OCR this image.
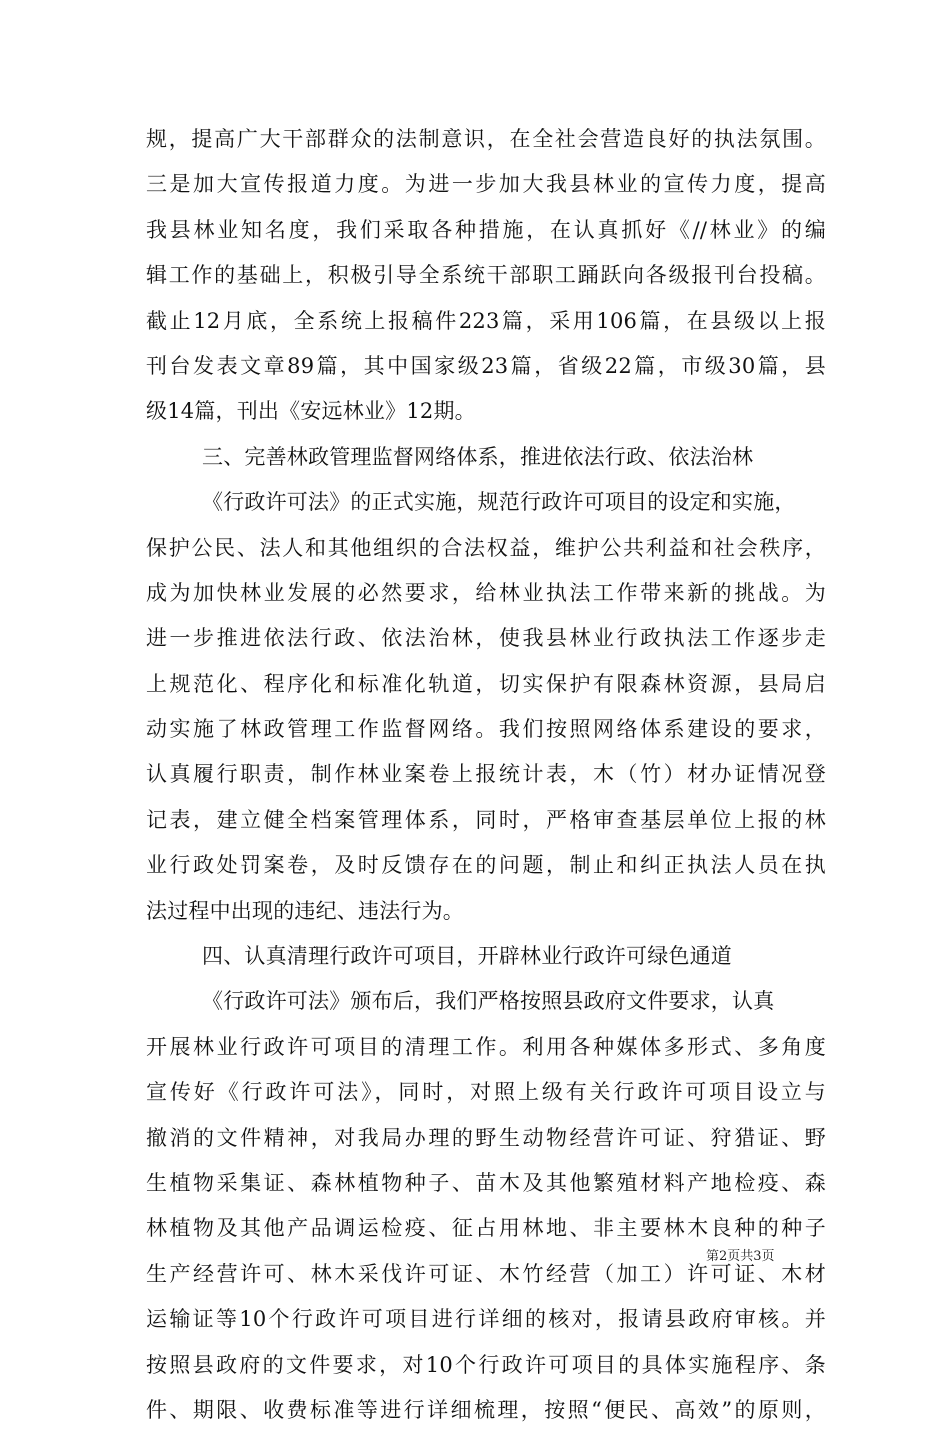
规，提高广大干部群众的法制意识，在全社会营造良好的执法氛围。
三是加大宣传报道力度。为进一步加大我县林业的宣传力度，提高
我县林业知名度，我们采取各种措施，在认真抓好《//林业》的编
辑工作的基础上，积极引导全系统干部职工踊跃向各级报刊台投稿。
截止12月底，全系统上报稿件223篇，采用106篇，在县级以上报
刊台发表文章89篇，其中国家级23篇，省级22篇，市级30篇，县
级14篇，刊出《安远林业》12期。
三、完善林政管理监督网络体系，推进依法行政、依法治林
《行政许可法》的正式实施，规范行政许可项目的设定和实施，
保护公民、法人和其他组织的合法权益，维护公共利益和社会秩序，
成为加快林业发展的必然要求，给林业执法工作带来新的挑战。为
进一步推进依法行政、依法治林，使我县林业行政执法工作逐步走
上规范化、程序化和标准化轨道，切实保护有限森林资源，县局启
动实施了林政管理工作监督网络。我们按照网络体系建设的要求，
认真履行职责，制作林业案卷上报统计表，木（竹）材办证情况登
记表，建立健全档案管理体系，同时，严格审查基层单位上报的林
业行政处罚案卷，及时反馈存在的问题，制止和纠正执法人员在执
法过程中出现的违纪、违法行为。
四、认真清理行政许可项目，开辟林业行政许可绿色通道
《行政许可法》颁布后，我们严格按照县政府文件要求，认真
开展林业行政许可项目的清理工作。利用各种媒体多形式、多角度
宣传好《行政许可法》，同时，对照上级有关行政许可项目设立与
撤消的文件精神，对我局办理的野生动物经营许可证、狩猎证、野
生植物采集证、森林植物种子、苗木及其他繁殖材料产地检疫、森
林植物及其他产品调运检疫、征占用林地、非主要林木良种的种子
生产经营许可、林木采伐许可证、木竹经营（加工）许可证、木材
运输证等10个行政许可项目进行详细的核对，报请县政府审核。并
按照县政府的文件要求，对10个行政许可项目的具体实施程序、条
件、期限、收费标准等进行详细梳理，按照“便民、高效”的原则，
第2页共3页
